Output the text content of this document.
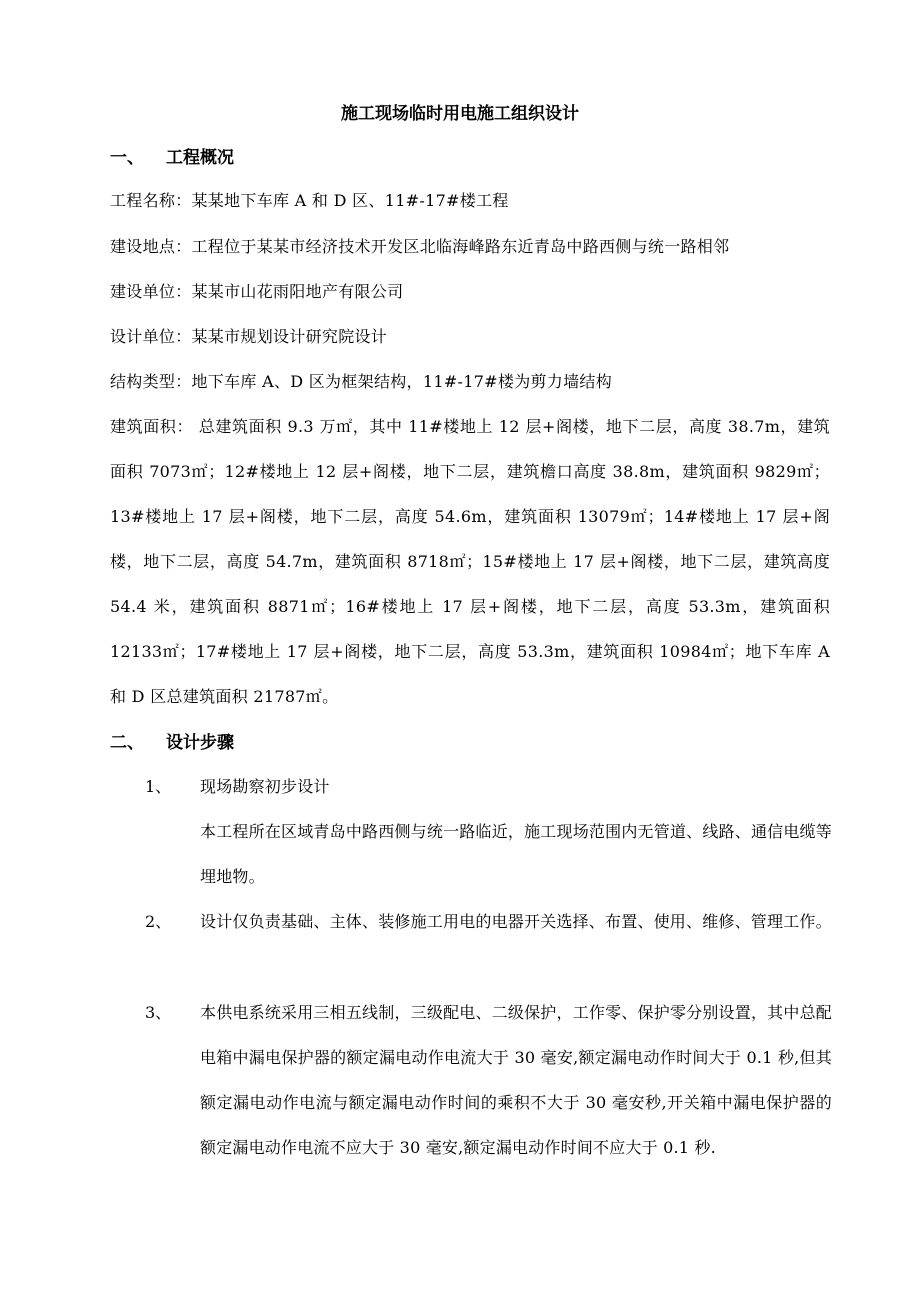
施工现场临时用电施工组织设计
一、 工程概况
工程名称：某某地下车库 A 和 D 区、11#-17#楼工程
建设地点：工程位于某某市经济技术开发区北临海峰路东近青岛中路西侧与统一路相邻
建设单位：某某市山花雨阳地产有限公司
设计单位：某某市规划设计研究院设计
结构类型：地下车库 A、D 区为框架结构，11#-17#楼为剪力墙结构
建筑面积： 总建筑面积 9.3 万㎡，其中 11#楼地上 12 层+阁楼，地下二层，高度 38.7m，建筑面积 7073㎡；12#楼地上 12 层+阁楼，地下二层，建筑檐口高度 38.8m，建筑面积 9829㎡；13#楼地上 17 层+阁楼，地下二层，高度 54.6m，建筑面积 13079㎡；14#楼地上 17 层+阁楼，地下二层，高度 54.7m，建筑面积 8718㎡；15#楼地上 17 层+阁楼，地下二层，建筑高度 54.4 米，建筑面积 8871㎡；16#楼地上 17 层+阁楼，地下二层，高度 53.3m，建筑面积 12133㎡；17#楼地上 17 层+阁楼，地下二层，高度 53.3m，建筑面积 10984㎡；地下车库 A 和 D 区总建筑面积 21787㎡。
二、 设计步骤
1、 现场勘察初步设计
本工程所在区域青岛中路西侧与统一路临近，施工现场范围内无管道、线路、通信电缆等埋地物。
2、 设计仅负责基础、主体、装修施工用电的电器开关选择、布置、使用、维修、管理工作。
3、 本供电系统采用三相五线制，三级配电、二级保护，工作零、保护零分别设置，其中总配电箱中漏电保护器的额定漏电动作电流大于 30 毫安,额定漏电动作时间大于 0.1 秒,但其额定漏电动作电流与额定漏电动作时间的乘积不大于 30 毫安秒,开关箱中漏电保护器的额定漏电动作电流不应大于 30 毫安,额定漏电动作时间不应大于 0.1 秒.
